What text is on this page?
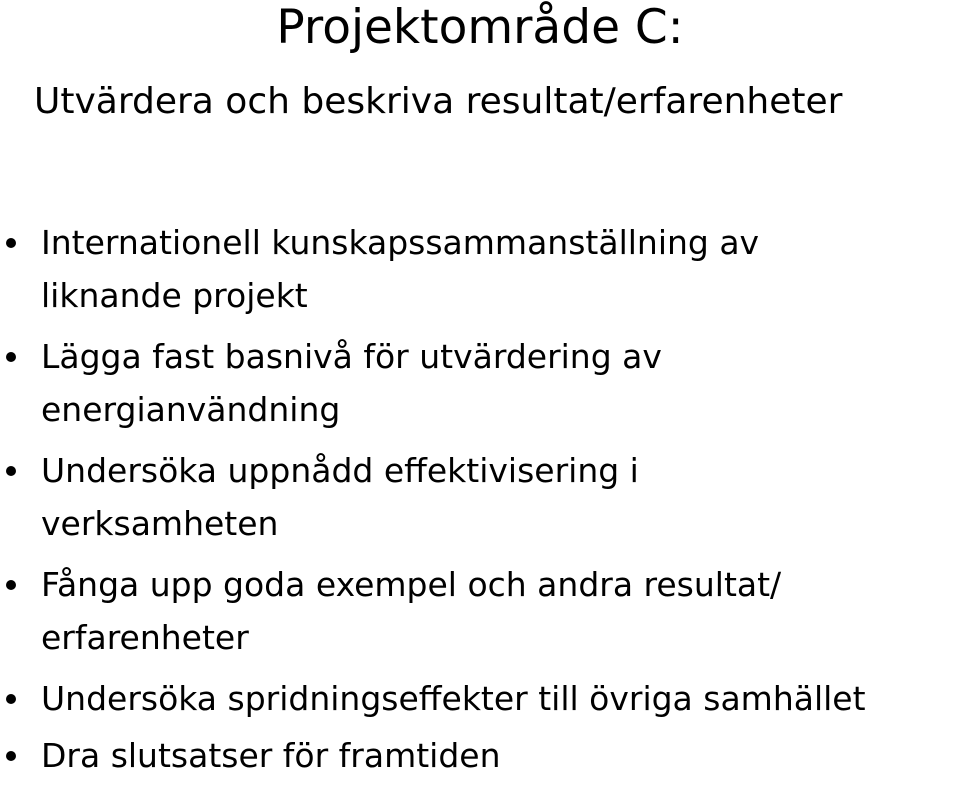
Projektområde C:
Utvärdera och beskriva resultat/erfarenheter
Internationell kunskapssammanställning av
liknande projekt
Lägga fast basnivå för utvärdering av
energianvändning
Undersöka uppnådd effektivisering i
verksamheten
Fånga upp goda exempel och andra resultat/
erfarenheter
Undersöka spridningseffekter till övriga samhället
Dra slutsatser för framtiden
